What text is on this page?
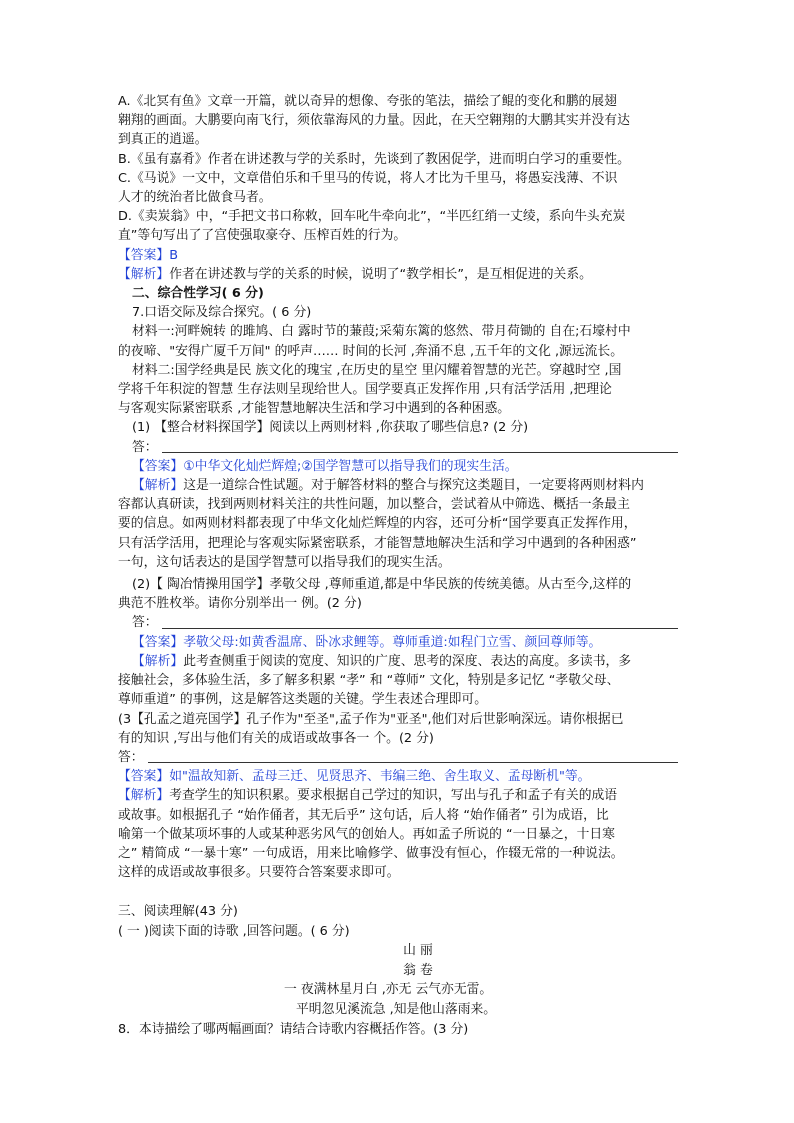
A.《北冥有鱼》文章一开篇，就以奇异的想像、夸张的笔法，描绘了鲲的变化和鹏的展翅

翱翔的画面。大鹏要向南飞行，须依靠海风的力量。因此，在天空翱翔的大鹏其实并没有达

到真正的逍遥。

B.《虽有嘉肴》作者在讲述教与学的关系时，先谈到了教困促学，进而明白学习的重要性。

C.《马说》一文中，文章借伯乐和千里马的传说，将人才比为千里马，将愚妄浅薄、不识

人才的统治者比做食马者。

D.《卖炭翁》中，“手把文书口称敕，回车叱牛牵向北”，“半匹红绡一丈绫，系向牛头充炭

直”等句写出了了宫使强取豪夺、压榨百姓的行为。

【答案】B

【解析】作者在讲述教与学的关系的时候，说明了“教学相长”，是互相促进的关系。

二、综合性学习( 6 分)

7.口语交际及综合探究。( 6 分)

材料一:河畔婉转 的雎鸠、白 露时节的蒹葭;采菊东篱的悠然、带月荷锄的 自在;石壕村中

的夜啼、"安得广厦千万间" 的呼声…… 时间的长河 ,奔涌不息 ,五千年的文化 ,源远流长。

材料二:国学经典是民 族文化的瑰宝 ,在历史的星空 里闪耀着智慧的光芒。穿越时空 ,国

学将千年积淀的智慧 生存法则呈现给世人。国学要真正发挥作用 ,只有活学活用 ,把理论

与客观实际紧密联系 ,才能智慧地解决生活和学习中遇到的各种困惑。

(1) 【整合材料探国学】阅读以上两则材料 ,你获取了哪些信息? (2 分)

答：

【答案】①中华文化灿烂辉煌;②国学智慧可以指导我们的现实生活。

【解析】这是一道综合性试题。对于解答材料的整合与探究这类题目，一定要将两则材料内

容都认真研读，找到两则材料关注的共性问题，加以整合，尝试着从中筛选、概括一条最主

要的信息。如两则材料都表现了中华文化灿烂辉煌的内容，还可分析“国学要真正发挥作用，

只有活学活用，把理论与客观实际紧密联系，才能智慧地解决生活和学习中遇到的各种困惑”

一句，这句话表达的是国学智慧可以指导我们的现实生活。

(2)【 陶冶情操用国学】孝敬父母 ,尊师重道,都是中华民族的传统美德。从古至今,这样的

典范不胜枚举。请你分别举出一 例。(2 分)

答：

【答案】孝敬父母:如黄香温席、卧冰求鲤等。尊师重道:如程门立雪、颜回尊师等。

【解析】此考查侧重于阅读的宽度、知识的广度、思考的深度、表达的高度。多读书，多

接触社会，多体验生活，多了解多积累 “孝” 和 “尊师” 文化，特别是多记忆 “孝敬父母、

尊师重道” 的事例，这是解答这类题的关键。学生表述合理即可。

(3【孔孟之道亮国学】孔子作为"至圣",孟子作为"亚圣",他们对后世影响深远。请你根据已

有的知识 ,写出与他们有关的成语或故事各一 个。(2 分)

答：

【答案】如"温故知新、孟母三迁、见贤思齐、韦编三绝、舍生取义、孟母断机"等。

【解析】考查学生的知识积累。要求根据自己学过的知识，写出与孔子和孟子有关的成语

或故事。如根据孔子 “始作俑者，其无后乎” 这句话，后人将 “始作俑者” 引为成语，比

喻第一个做某项坏事的人或某种恶劣风气的创始人。再如孟子所说的 “一日暴之，十日寒

之” 精简成 “一暴十寒” 一句成语，用来比喻修学、做事没有恒心，作辍无常的一种说法。

这样的成语或故事很多。只要符合答案要求即可。

三、阅读理解(43 分)

( 一 )阅读下面的诗歌 ,回答问题。( 6 分)

山 丽

翁 卷

一 夜满林星月白 ,亦无 云气亦无雷。

平明忽见溪流急 ,知是他山落雨来。

8．本诗描绘了哪两幅画面？请结合诗歌内容概括作答。(3 分)
